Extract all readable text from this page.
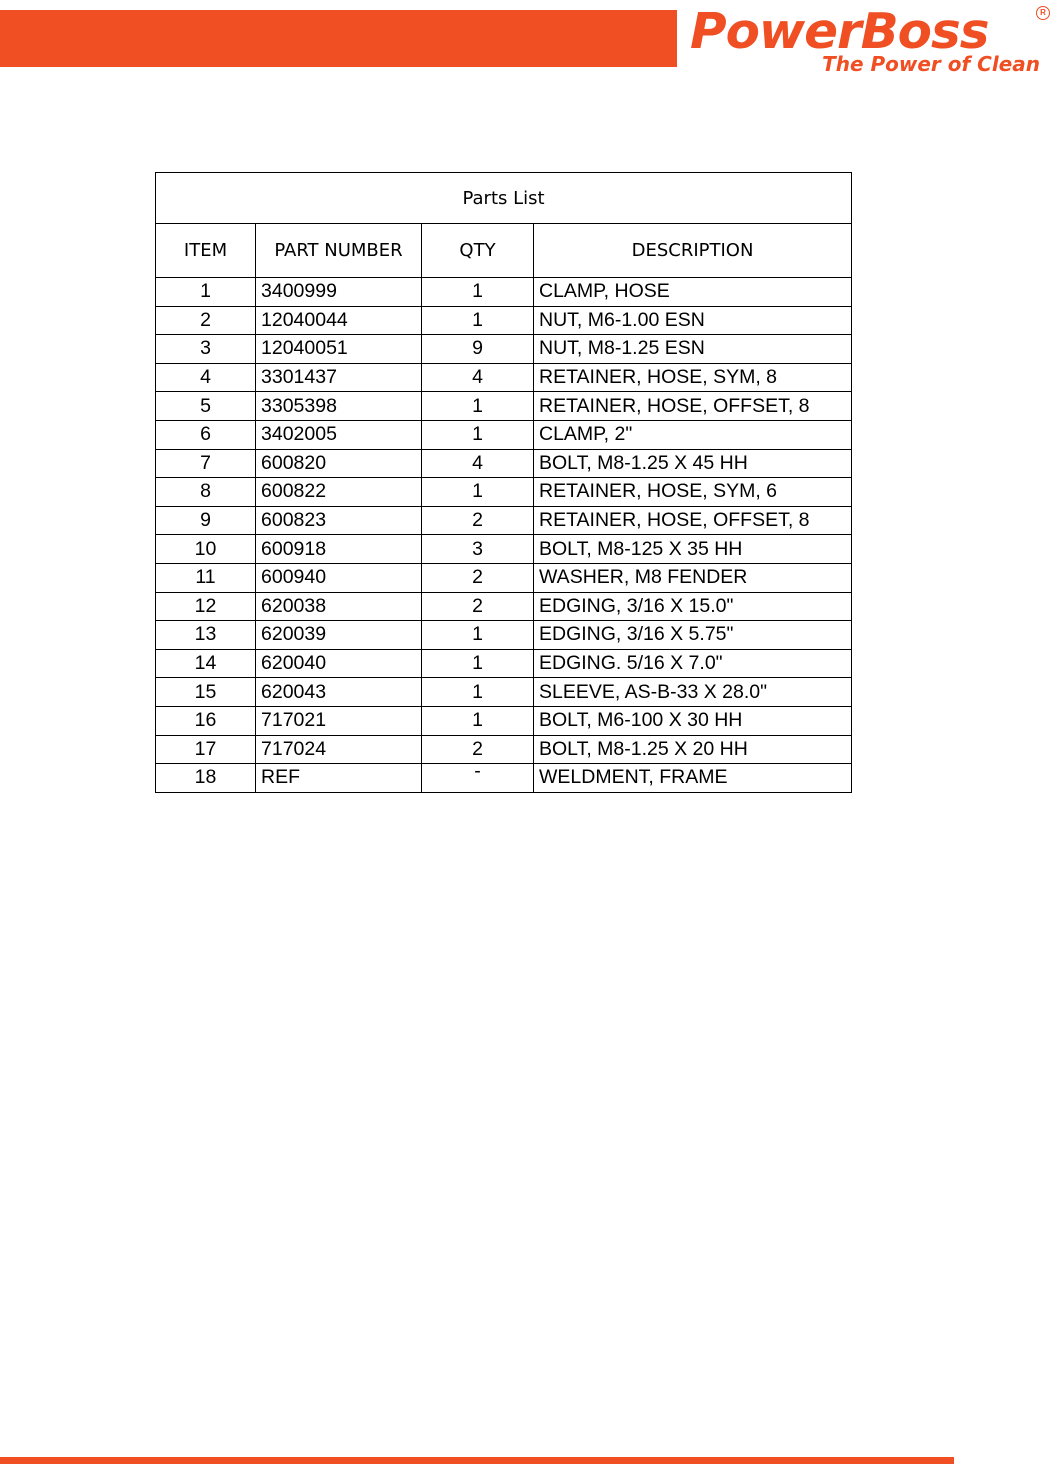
PowerBoss	R
The Power of Clean
Parts List			
ITEM	PART NUMBER	QTY	DESCRIPTION
1	3400999	1	CLAMP, HOSE
2	12040044	1	NUT, M6-1.00 ESN
3	12040051	9	NUT, M8-1.25 ESN
4	3301437	4	RETAINER, HOSE, SYM, 8
5	3305398	1	RETAINER, HOSE, OFFSET, 8
6	3402005	1	CLAMP, 2"
7	600820	4	BOLT, M8-1.25 X 45 HH
8	600822	1	RETAINER, HOSE, SYM, 6
9	600823	2	RETAINER, HOSE, OFFSET, 8
10	600918	3	BOLT, M8-125 X 35 HH
11	600940	2	WASHER, M8 FENDER
12	620038	2	EDGING, 3/16 X 15.0"
13	620039	1	EDGING, 3/16 X 5.75"
14	620040	1	EDGING. 5/16 X 7.0"
15	620043	1	SLEEVE, AS-B-33 X 28.0"
16	717021	1	BOLT, M6-100 X 30 HH
17	717024	2	BOLT, M8-1.25 X 20 HH
18	REF	-	WELDMENT, FRAME
